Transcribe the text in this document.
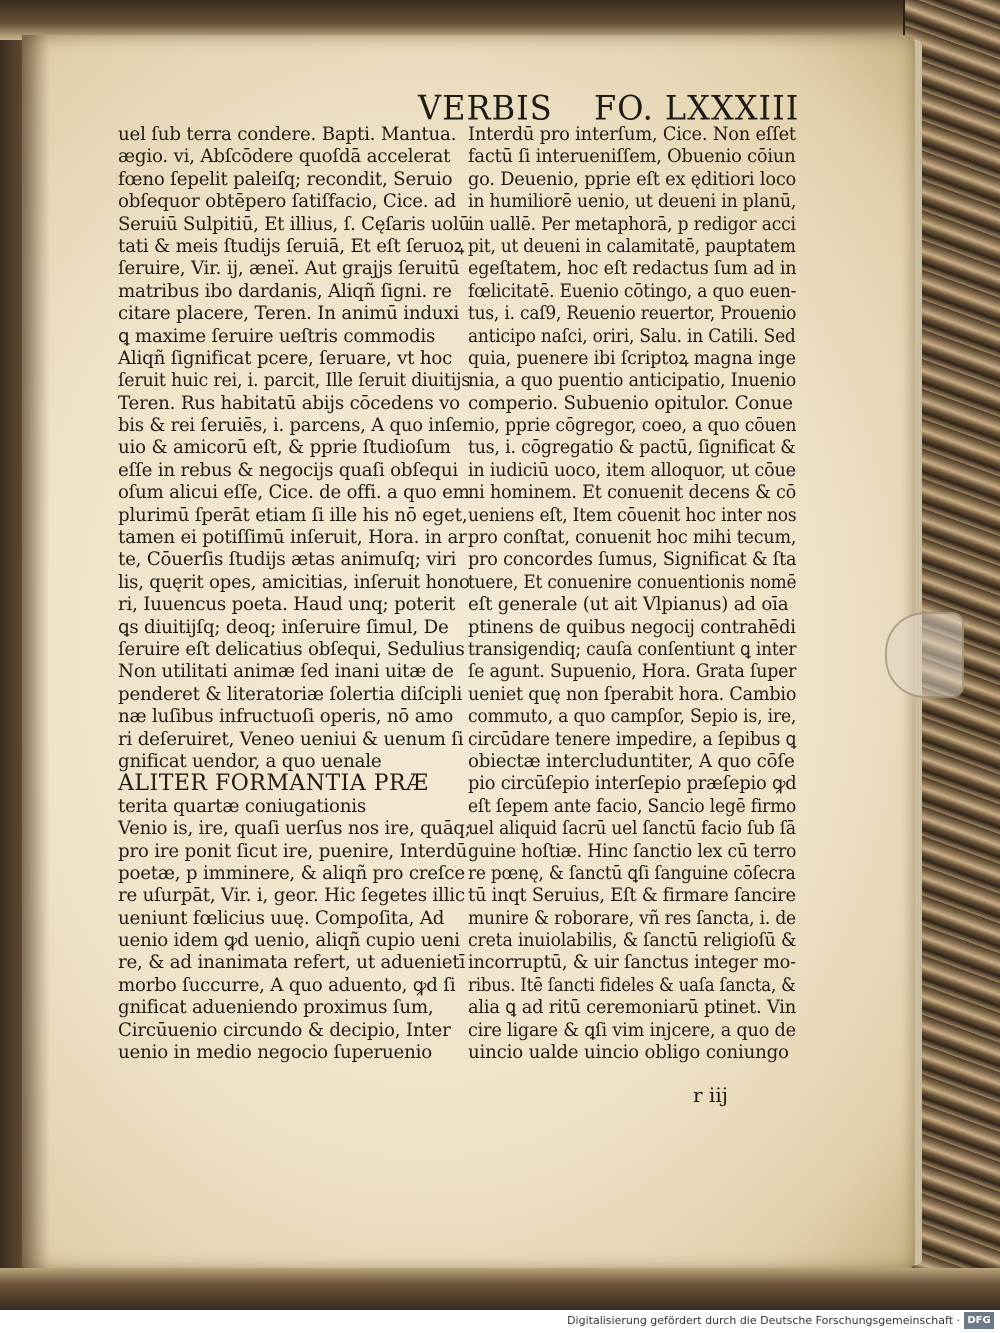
VERBIS FO. LXXXIII
uel ſub terra condere. Bapti. Mantua.
ægio. vi, Abſcōdere quoſdā accelerat
fœno ſepelit paleiſq; recondit, Seruio
obſequor obtēpero ſatiſfacio, Cice. ad
Seruiū Sulpitiū, Et illius, ſ. Cęſaris uolū
tati & meis ſtudijs ſeruiā, Et eſt ſeruoꝝ
ſeruire, Vir. ij, æneï. Aut grajjs ſeruitū
matribus ibo dardanis, Aliqñ ſigni. re
citare placere, Teren. In animū induxi
ꝗ maxime ſeruire ueſtris commodis
Aliqñ ſignificat pcere, ſeruare, vt hoc
ſeruit huic rei, i. parcit, Ille ſeruit diuitijs
Teren. Rus habitatū abijs cōcedens vo
bis & rei ſeruiēs, i. parcens, A quo inſer
uio & amicorū eſt, & pprie ſtudioſum
eſſe in rebus & negocijs quaſi obſequi
oſum alicui eſſe, Cice. de offi. a quo em
plurimū ſperāt etiam ſi ille his nō eget,
tamen ei potiſſimū inſeruit, Hora. in ar
te, Cōuerſis ſtudijs ætas animuſq; viri
lis, quęrit opes, amicitias, inſeruit hono
ri, Iuuencus poeta. Haud unq; poterit
ꝗs diuitijſq; deoq; inſeruire ſimul, De
ſeruire eſt delicatius obſequi, Sedulius
Non utilitati animæ ſed inani uitæ de
penderet & literatoriæ ſolertia diſcipli
næ luſibus infructuoſi operis, nō amo
ri deſeruiret, Veneo ueniui & uenum ſi
gnificat uendor, a quo uenale
ALITER FORMANTIA PRÆ
terita quartæ coniugationis
Venio is, ire, quaſi uerſus nos ire, quāq;
pro ire ponit ſicut ire, puenire, Interdū
poetæ, p imminere, & aliqñ pro creſce
re uſurpāt, Vir. i, geor. Hic ſegetes illic
ueniunt fœlicius uuę. Compoſita, Ad
uenio idem ꝙd uenio, aliqñ cupio ueni
re, & ad inanimata refert, ut aduenietī
morbo ſuccurre, A quo aduento, ꝙd ſi
gnificat adueniendo proximus ſum,
Circūuenio circundo & decipio, Inter
uenio in medio negocio ſuperuenio
Interdū pro interſum, Cice. Non eſſet
factū ſi interueniſſem, Obuenio cōiun
go. Deuenio, pprie eſt ex ęditiori loco
in humiliorē uenio, ut deueni in planū,
in uallē. Per metaphorā, p redigor acci
pit, ut deueni in calamitatē, pauptatem
egeſtatem, hoc eſt redactus ſum ad in
fœlicitatē. Euenio cōtingo, a quo euen-
tus, i. caſ9, Reuenio reuertor, Prouenio
anticipo naſci, oriri, Salu. in Catili. Sed
quia, puenere ibi ſcriptoꝝ magna inge
nia, a quo puentio anticipatio, Inuenio
comperio. Subuenio opitulor. Conue
nio, pprie cōgregor, coeo, a quo cōuen
tus, i. cōgregatio & pactū, ſignificat &
in iudiciū uoco, item alloquor, ut cōue
ni hominem. Et conuenit decens & cō
ueniens eſt, Item cōuenit hoc inter nos
pro conſtat, conuenit hoc mihi tecum,
pro concordes ſumus, Significat & ſta
tuere, Et conuenire conuentionis nomē
eſt generale (ut ait Vlpianus) ad oīa
ptinens de quibus negocij contrahēdi
transigendiq; cauſa conſentiunt ꝗ inter
ſe agunt. Supuenio, Hora. Grata ſuper
ueniet quę non ſperabit hora. Cambio
commuto, a quo campſor, Sepio is, ire,
circūdare tenere impedire, a ſepibus ꝗ
obiectæ intercluduntiter, A quo cōſe
pio circūſepio interſepio præſepio ꝙd
eſt ſepem ante facio, Sancio legē firmo
uel aliquid ſacrū uel ſanctū facio ſub ſā
guine hoſtiæ. Hinc ſanctio lex cū terro
re pœnę, & ſanctū ꝗſi ſanguine cōſecra
tū inqt Seruius, Eſt & firmare ſancire
munire & roborare, vñ res ſancta, i. de
creta inuiolabilis, & ſanctū religioſū &
incorruptū, & uir ſanctus integer mo-
ribus. Itē ſancti fideles & uaſa ſancta, &
alia ꝗ ad ritū ceremoniarū ptinet. Vin
cire ligare & ꝗſi vim injcere, a quo de
uincio ualde uincio obligo coniungo
r iij
Digitalisierung gefördert durch die Deutsche Forschungsgemeinschaft · DFG
